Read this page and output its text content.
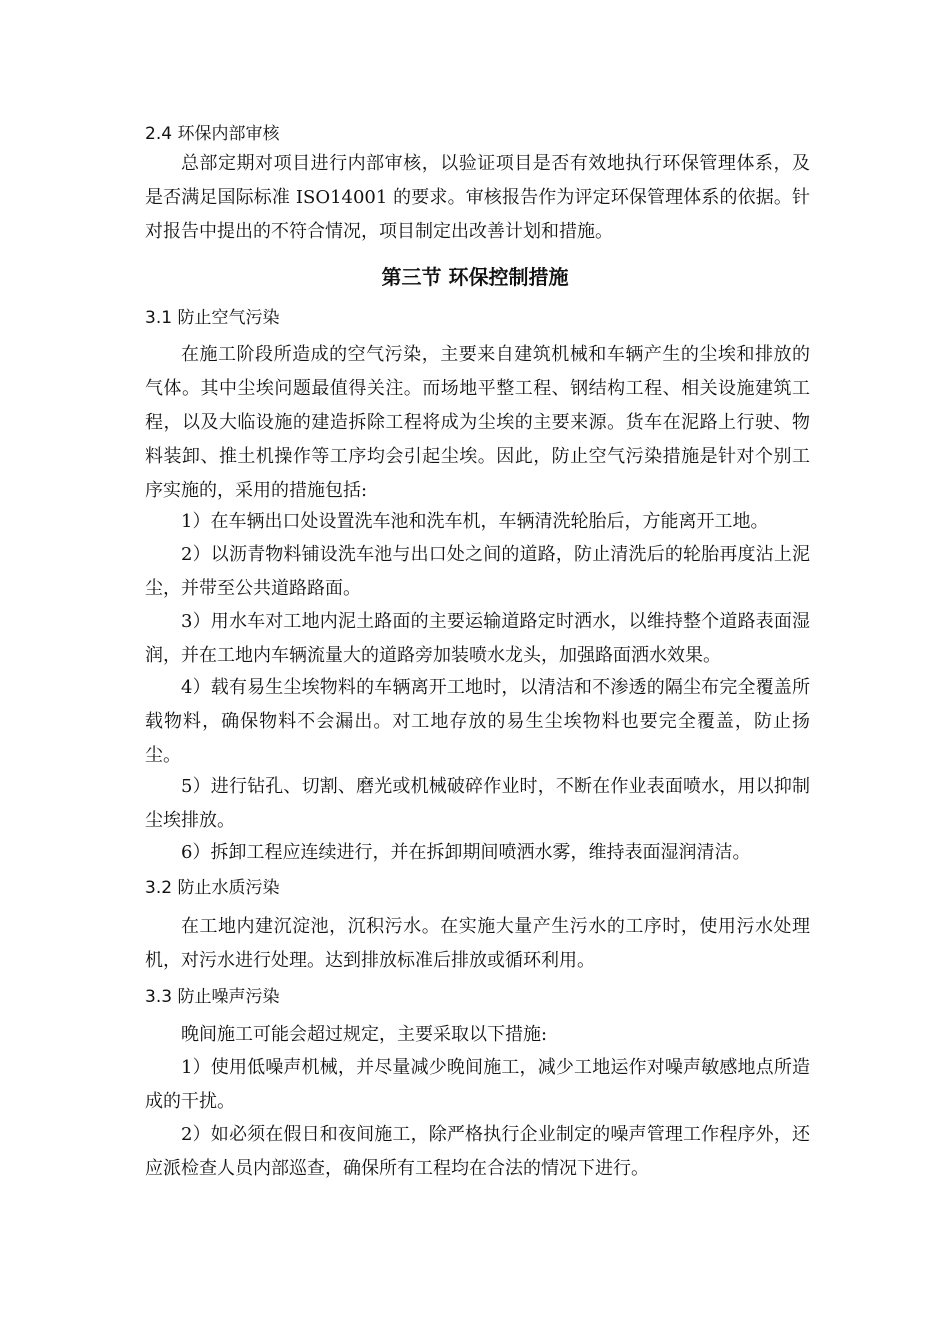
2.4 环保内部审核

总部定期对项目进行内部审核，以验证项目是否有效地执行环保管理体系，及是否满足国际标准 ISO14001 的要求。审核报告作为评定环保管理体系的依据。针对报告中提出的不符合情况，项目制定出改善计划和措施。

第三节 环保控制措施
3.1 防止空气污染

在施工阶段所造成的空气污染，主要来自建筑机械和车辆产生的尘埃和排放的气体。其中尘埃问题最值得关注。而场地平整工程、钢结构工程、相关设施建筑工程，以及大临设施的建造拆除工程将成为尘埃的主要来源。货车在泥路上行驶、物料装卸、推土机操作等工序均会引起尘埃。因此，防止空气污染措施是针对个别工序实施的，采用的措施包括:

1）在车辆出口处设置洗车池和洗车机，车辆清洗轮胎后，方能离开工地。

2）以沥青物料铺设洗车池与出口处之间的道路，防止清洗后的轮胎再度沾上泥尘，并带至公共道路路面。

3）用水车对工地内泥土路面的主要运输道路定时洒水，以维持整个道路表面湿润，并在工地内车辆流量大的道路旁加装喷水龙头，加强路面洒水效果。

4）载有易生尘埃物料的车辆离开工地时，以清洁和不渗透的隔尘布完全覆盖所载物料，确保物料不会漏出。对工地存放的易生尘埃物料也要完全覆盖，防止扬尘。

5）进行钻孔、切割、磨光或机械破碎作业时，不断在作业表面喷水，用以抑制尘埃排放。

6）拆卸工程应连续进行，并在拆卸期间喷洒水雾，维持表面湿润清洁。

3.2 防止水质污染

在工地内建沉淀池，沉积污水。在实施大量产生污水的工序时，使用污水处理机，对污水进行处理。达到排放标准后排放或循环利用。

3.3 防止噪声污染

晚间施工可能会超过规定，主要采取以下措施:

1）使用低噪声机械，并尽量减少晚间施工，减少工地运作对噪声敏感地点所造成的干扰。

2）如必须在假日和夜间施工，除严格执行企业制定的噪声管理工作程序外，还应派检查人员内部巡查，确保所有工程均在合法的情况下进行。
